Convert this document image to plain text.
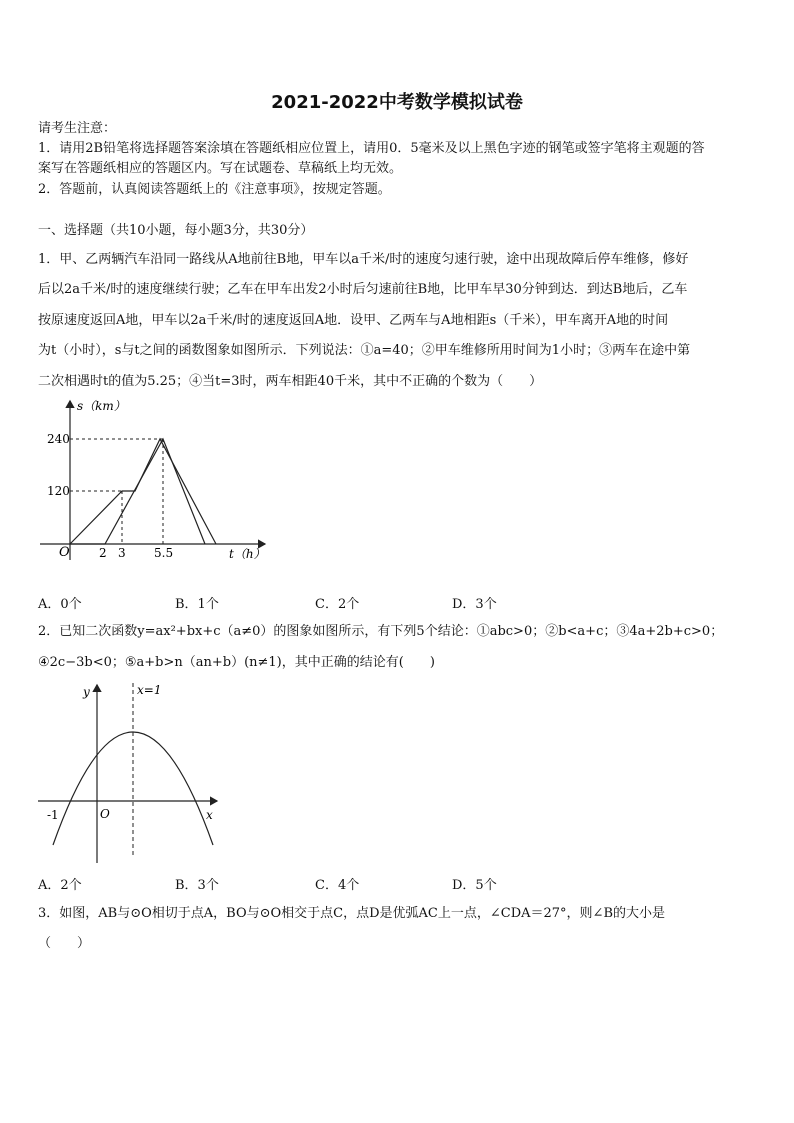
2021-2022中考数学模拟试卷
请考生注意：
1．请用2B铅笔将选择题答案涂填在答题纸相应位置上，请用0．5毫米及以上黑色字迹的钢笔或签字笔将主观题的答
案写在答题纸相应的答题区内。写在试题卷、草稿纸上均无效。
2．答题前，认真阅读答题纸上的《注意事项》，按规定答题。
一、选择题（共10小题，每小题3分，共30分）
1．甲、乙两辆汽车沿同一路线从A地前往B地，甲车以a千米/时的速度匀速行驶，途中出现故障后停车维修，修好
后以2a千米/时的速度继续行驶；乙车在甲车出发2小时后匀速前往B地，比甲车早30分钟到达．到达B地后，乙车
按原速度返回A地，甲车以2a千米/时的速度返回A地．设甲、乙两车与A地相距s（千米），甲车离开A地的时间
为t（小时），s与t之间的函数图象如图所示．下列说法：①a=40；②甲车维修所用时间为1小时；③两车在途中第
二次相遇时t的值为5.25；④当t=3时，两车相距40千米，其中不正确的个数为（　　）
s（km）
240
120
O 2 3 5.5	t（h）
A．0个	B．1个	C．2个	D．3个
2．已知二次函数y=ax²+bx+c（a≠0）的图象如图所示，有下列5个结论：①abc>0；②b<a+c；③4a+2b+c>0；
④2c−3b<0；⑤a+b>n（an+b）(n≠1)，其中正确的结论有(　　)
y	x=1
-1	O	x
A．2个	B．3个	C．4个	D．5个
3．如图，AB与⊙O相切于点A，BO与⊙O相交于点C，点D是优弧AC上一点，∠CDA＝27°，则∠B的大小是
（　　）
